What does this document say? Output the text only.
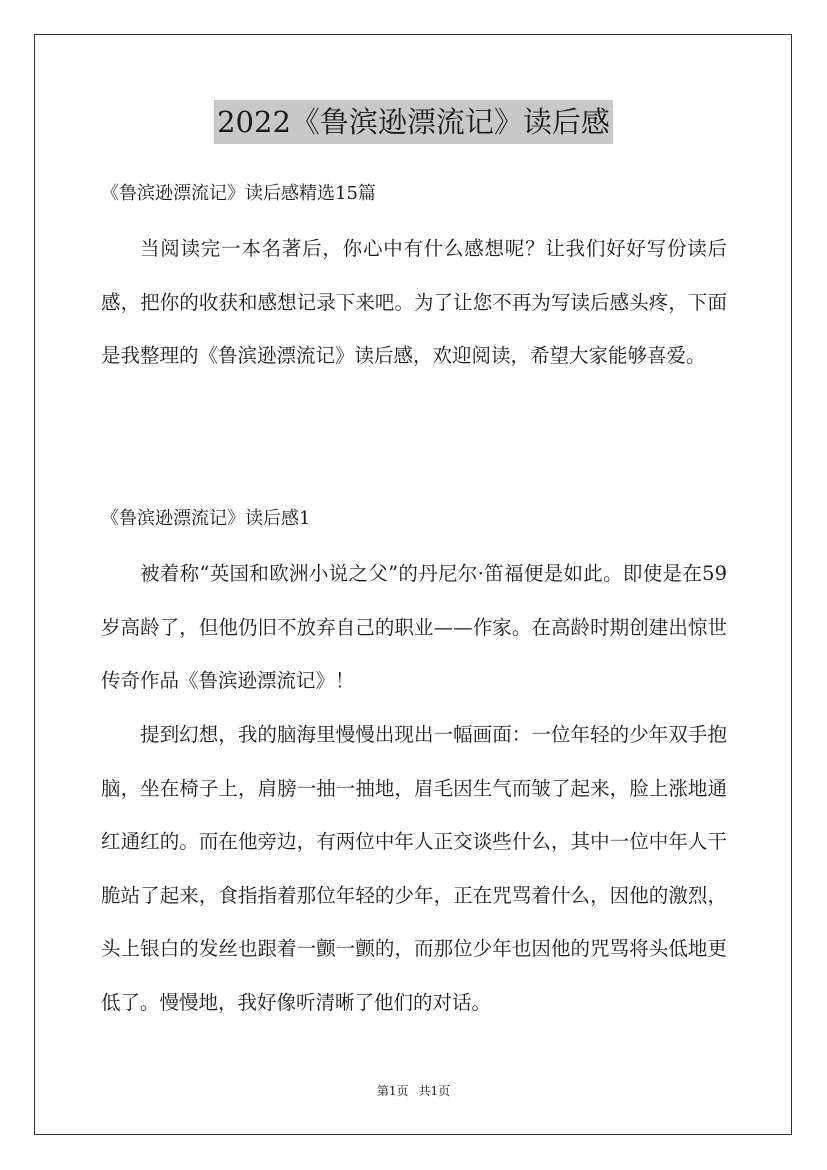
2022《鲁滨逊漂流记》读后感

《鲁滨逊漂流记》读后感精选15篇

当阅读完一本名著后，你心中有什么感想呢？让我们好好写份读后感，把你的收获和感想记录下来吧。为了让您不再为写读后感头疼，下面是我整理的《鲁滨逊漂流记》读后感，欢迎阅读，希望大家能够喜爱。

《鲁滨逊漂流记》读后感1

被着称“英国和欧洲小说之父”的丹尼尔·笛福便是如此。即使是在59岁高龄了，但他仍旧不放弃自己的职业——作家。在高龄时期创建出惊世传奇作品《鲁滨逊漂流记》！

提到幻想，我的脑海里慢慢出现出一幅画面：一位年轻的少年双手抱脑，坐在椅子上，肩膀一抽一抽地，眉毛因生气而皱了起来，脸上涨地通红通红的。而在他旁边，有两位中年人正交谈些什么，其中一位中年人干脆站了起来，食指指着那位年轻的少年，正在咒骂着什么，因他的激烈，头上银白的发丝也跟着一颤一颤的，而那位少年也因他的咒骂将头低地更低了。慢慢地，我好像听清晰了他们的对话。

第1页 共1页
